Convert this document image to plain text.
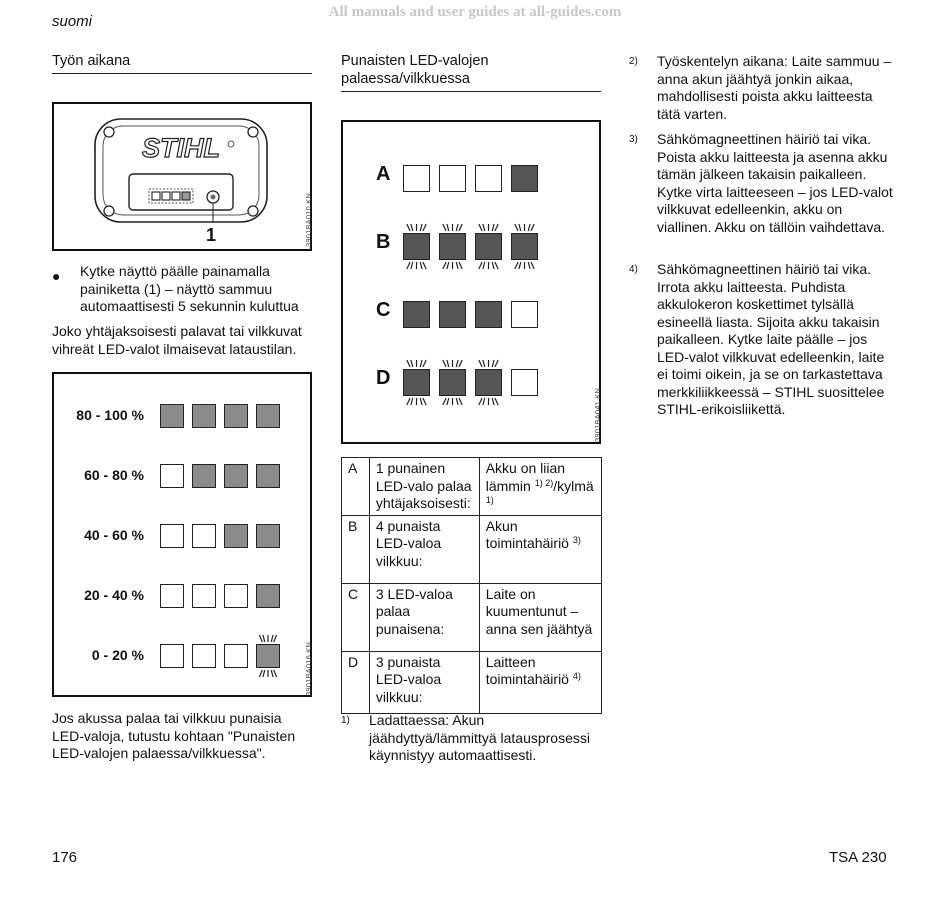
suomi
All manuals and user guides at all-guides.com
Työn aikana
STIHL
1	3901BA010 KN
● Kytke näyttö päälle painamalla painiketta (1) – näyttö sammuu automaattisesti 5 sekunnin kuluttua
Joko yhtäjaksoisesti palavat tai vilkkuvat vihreät LED-valot ilmaisevat lataustilan.
3901BA016 KN
80 - 100 %
60 - 80 %
40 - 60 %
20 - 40 %
0 - 20 %
Jos akussa palaa tai vilkkuu punaisia LED-valoja, tutustu kohtaan "Punaisten LED-valojen palaessa/vilkkuessa".
Punaisten LED-valojen palaessa/vilkkuessa
3901BA041 KN
A
B
C
D
A	1 punainen LED-valo palaa yhtäjaksoisesti:	Akku on liian lämmin $^{1) 2)}$/kylmä $^{1)}$
B	4 punaista LED-valoa vilkkuu:	Akun toimintahäiriö $^{3)}$
C	3 LED-valoa palaa punaisena:	Laite on kuumentunut – anna sen jäähtyä
D	3 punaista LED-valoa vilkkuu:	Laitteen toimintahäiriö $^{4)}$
1) Ladattaessa: Akun jäähdyttyä/lämmittyä latausprosessi käynnistyy automaattisesti.
2) Työskentelyn aikana: Laite sammuu – anna akun jäähtyä jonkin aikaa, mahdollisesti poista akku laitteesta tätä varten.
3) Sähkömagneettinen häiriö tai vika. Poista akku laitteesta ja asenna akku tämän jälkeen takaisin paikalleen. Kytke virta laitteeseen – jos LED-valot vilkkuvat edelleenkin, akku on viallinen. Akku on tällöin vaihdettava.
4) Sähkömagneettinen häiriö tai vika. Irrota akku laitteesta. Puhdista akkulokeron koskettimet tylsällä esineellä liasta. Sijoita akku takaisin paikalleen. Kytke laite päälle – jos LED-valot vilkkuvat edelleenkin, laite ei toimi oikein, ja se on tarkastettava merkkiliikkeessä – STIHL suosittelee STIHL-erikoisliikettä.
176	TSA 230
